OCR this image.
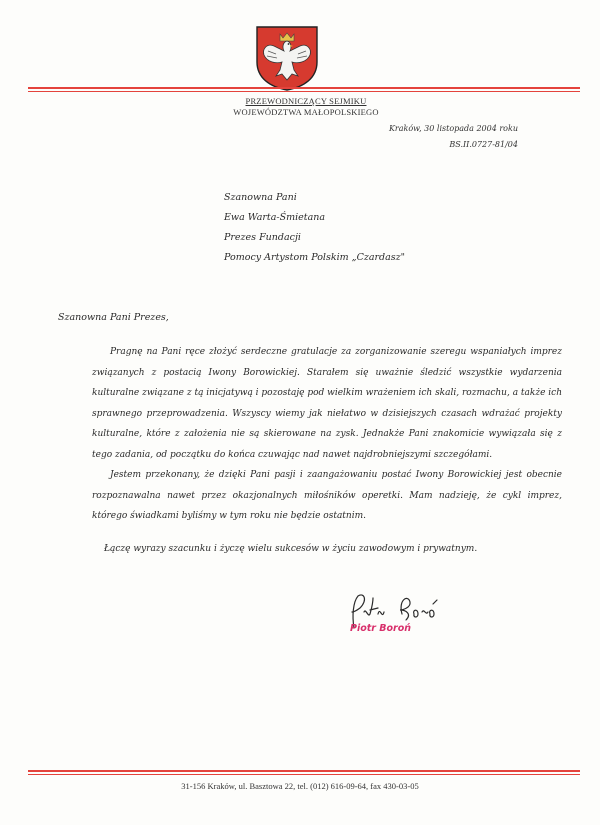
PRZEWODNICZĄCY SEJMIKU
WOJEWÓDZTWA MAŁOPOLSKIEGO
Kraków, 30 listopada 2004 roku
BS.II.0727-81/04
Szanowna Pani
Ewa Warta-Śmietana
Prezes Fundacji
Pomocy Artystom Polskim „Czardasz"
Szanowna Pani Prezes,

Pragnę na Pani ręce złożyć serdeczne gratulacje za zorganizowanie szeregu wspaniałych imprez związanych z postacią Iwony Borowickiej. Starałem się uważnie śledzić wszystkie wydarzenia kulturalne związane z tą inicjatywą i pozostaję pod wielkim wrażeniem ich skali, rozmachu, a także ich sprawnego przeprowadzenia. Wszyscy wiemy jak niełatwo w dzisiejszych czasach wdrażać projekty kulturalne, które z założenia nie są skierowane na zysk. Jednakże Pani znakomicie wywiązała się z tego zadania, od początku do końca czuwając nad nawet najdrobniejszymi szczegółami.

Jestem przekonany, że dzięki Pani pasji i zaangażowaniu postać Iwony Borowickiej jest obecnie rozpoznawalna nawet przez okazjonalnych miłośników operetki. Mam nadzieję, że cykl imprez, którego świadkami byliśmy w tym roku nie będzie ostatnim.

Łączę wyrazy szacunku i życzę wielu sukcesów w życiu zawodowym i prywatnym.
Piotr Boroń
31-156 Kraków, ul. Basztowa 22, tel. (012) 616-09-64, fax 430-03-05
